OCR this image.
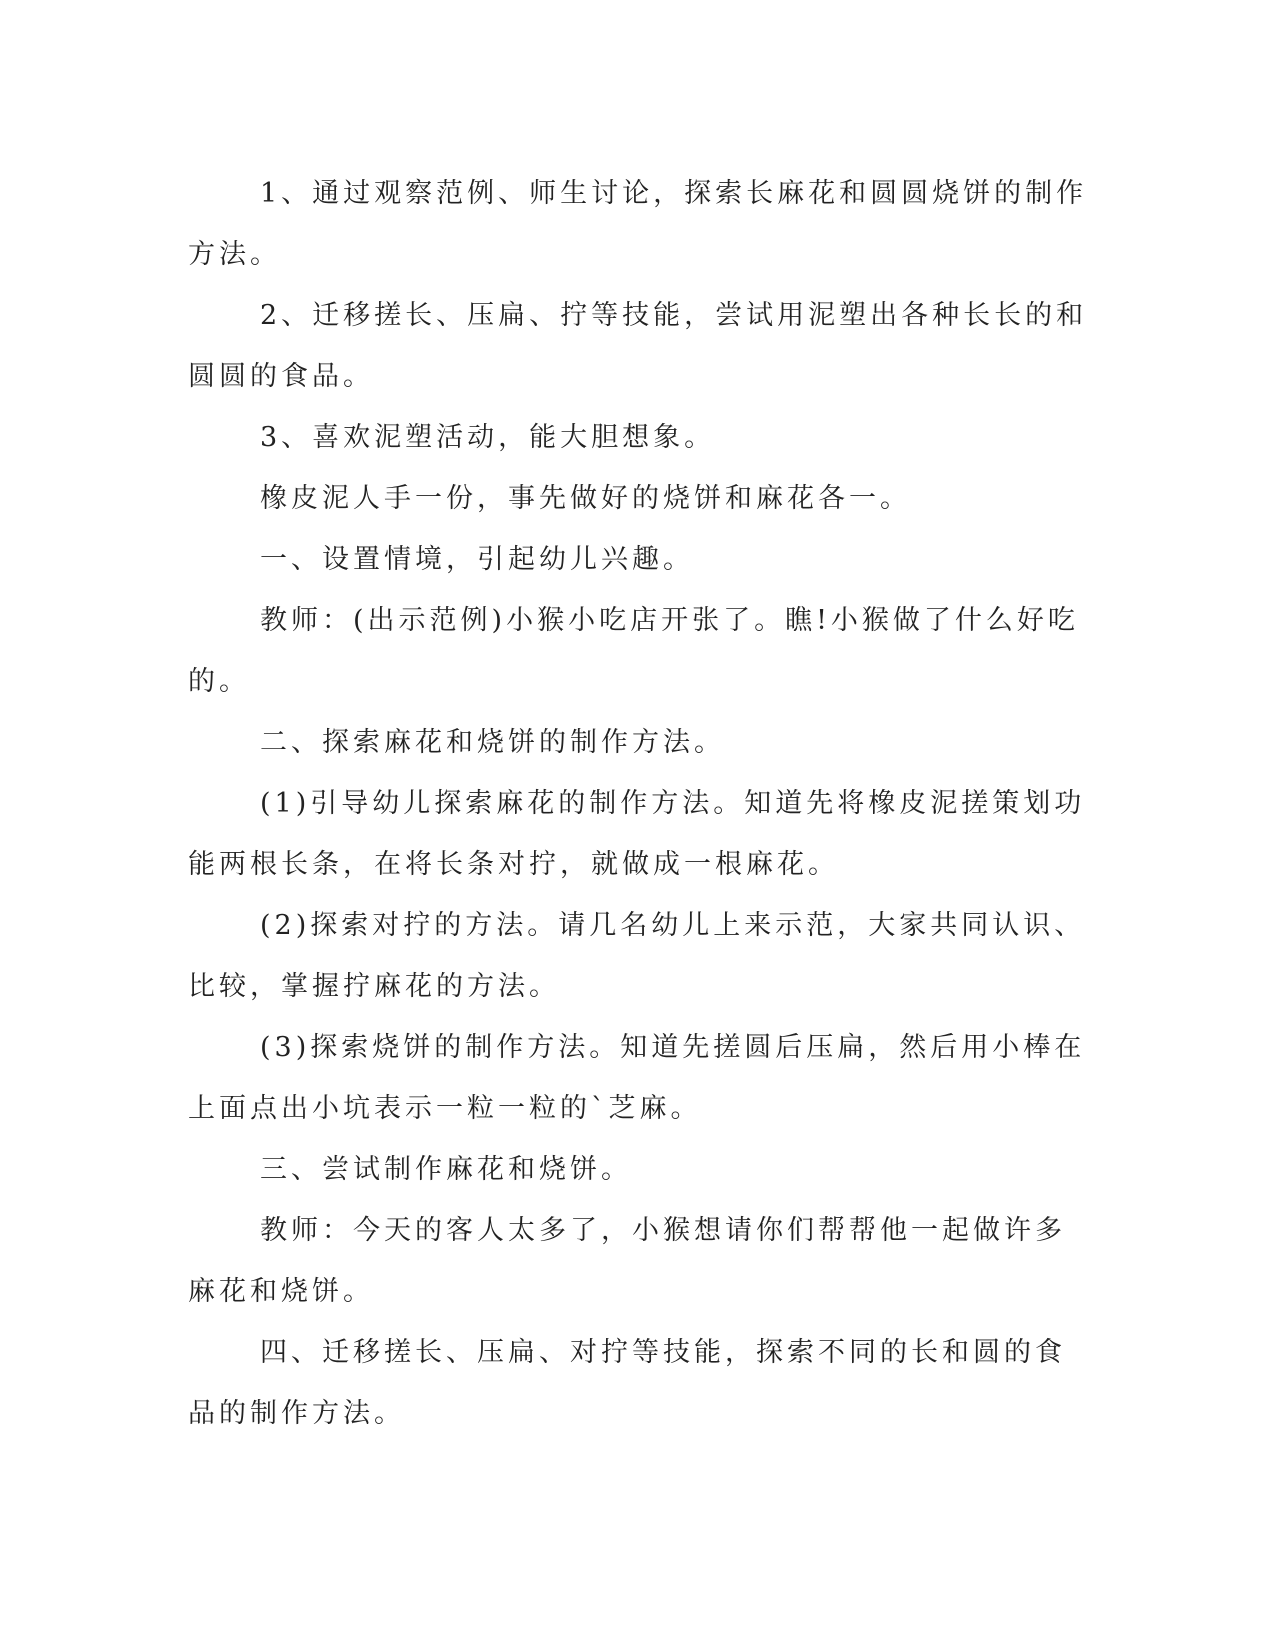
1、通过观察范例、师生讨论，探索长麻花和圆圆烧饼的制作方法。

2、迁移搓长、压扁、拧等技能，尝试用泥塑出各种长长的和圆圆的食品。

3、喜欢泥塑活动，能大胆想象。

橡皮泥人手一份，事先做好的烧饼和麻花各一。

一、设置情境，引起幼儿兴趣。

教师：(出示范例)小猴小吃店开张了。瞧!小猴做了什么好吃的。

二、探索麻花和烧饼的制作方法。

(1)引导幼儿探索麻花的制作方法。知道先将橡皮泥搓策划功能两根长条，在将长条对拧，就做成一根麻花。

(2)探索对拧的方法。请几名幼儿上来示范，大家共同认识、比较，掌握拧麻花的方法。

(3)探索烧饼的制作方法。知道先搓圆后压扁，然后用小棒在上面点出小坑表示一粒一粒的`芝麻。

三、尝试制作麻花和烧饼。

教师：今天的客人太多了，小猴想请你们帮帮他一起做许多麻花和烧饼。

四、迁移搓长、压扁、对拧等技能，探索不同的长和圆的食品的制作方法。
